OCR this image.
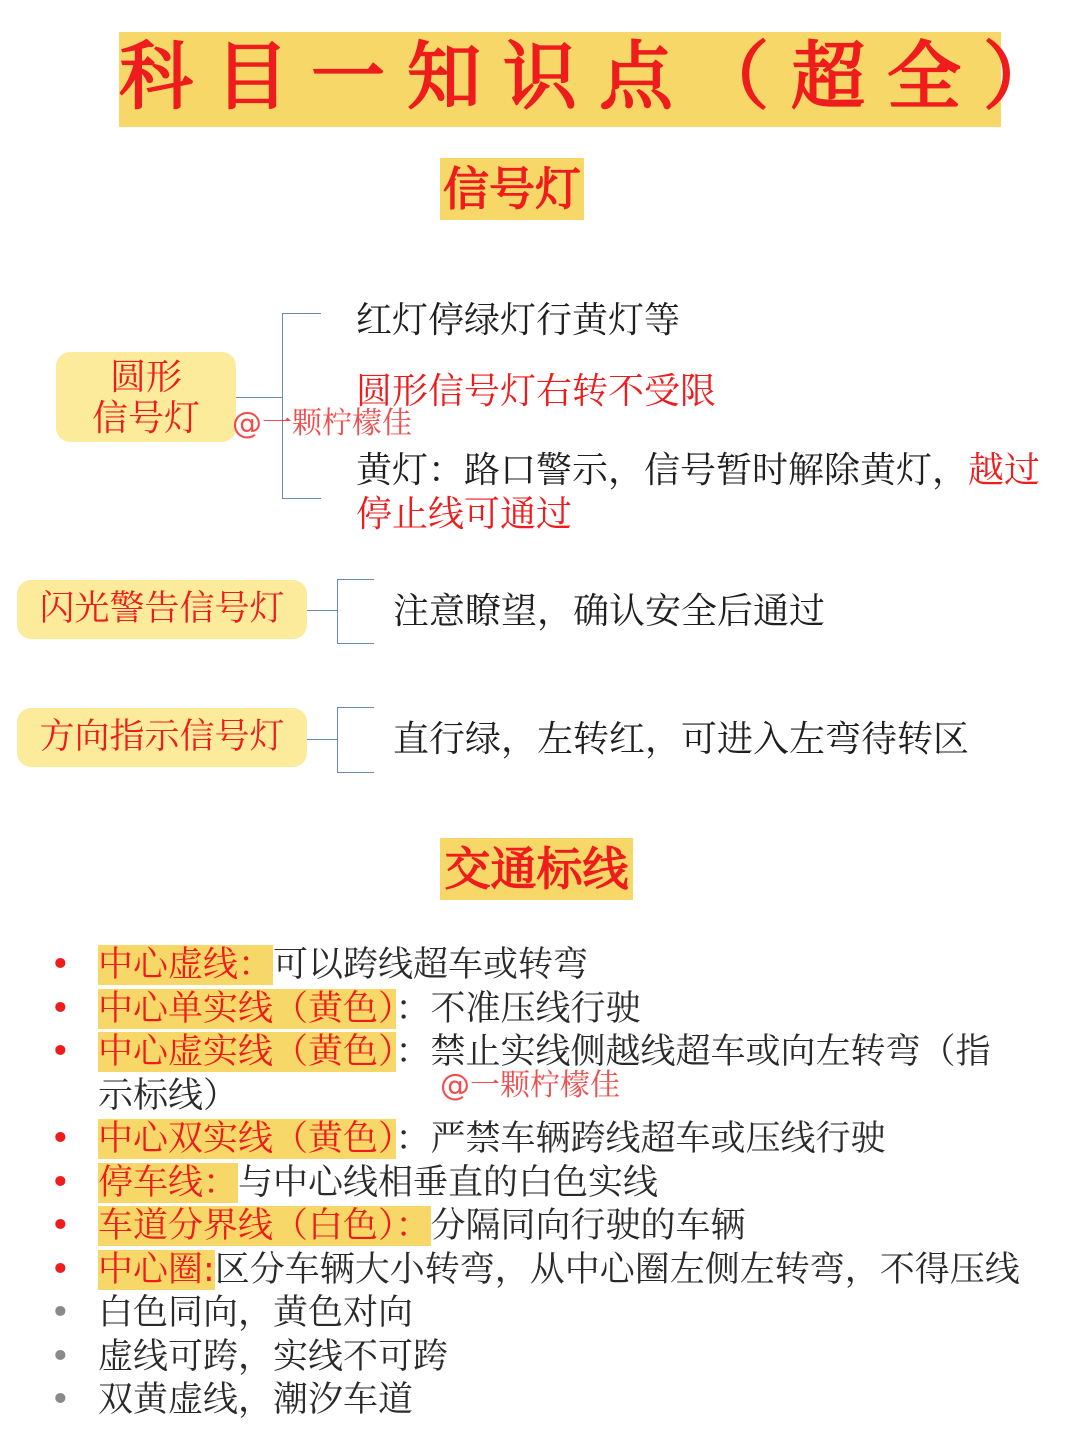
科目一知识点（超全）
信号灯
圆形
信号灯
红灯停绿灯行黄灯等
圆形信号灯右转不受限
黄灯：路口警示，信号暂时解除黄灯，越过
停止线可通过
@一颗柠檬佳
闪光警告信号灯	注意瞭望，确认安全后通过
方向指示信号灯	直行绿，左转红，可进入左弯待转区
交通标线
• 中心虚线：可以跨线超车或转弯
• 中心单实线（黄色）：不准压线行驶
• 中心虚实线（黄色）：禁止实线侧越线超车或向左转弯（指
示标线）
• 中心双实线（黄色）：严禁车辆跨线超车或压线行驶
• 停车线：与中心线相垂直的白色实线
• 车道分界线（白色）：分隔同向行驶的车辆
• 中心圈:区分车辆大小转弯，从中心圈左侧左转弯，不得压线
• 白色同向，黄色对向
• 虚线可跨，实线不可跨
• 双黄虚线，潮汐车道
@一颗柠檬佳
